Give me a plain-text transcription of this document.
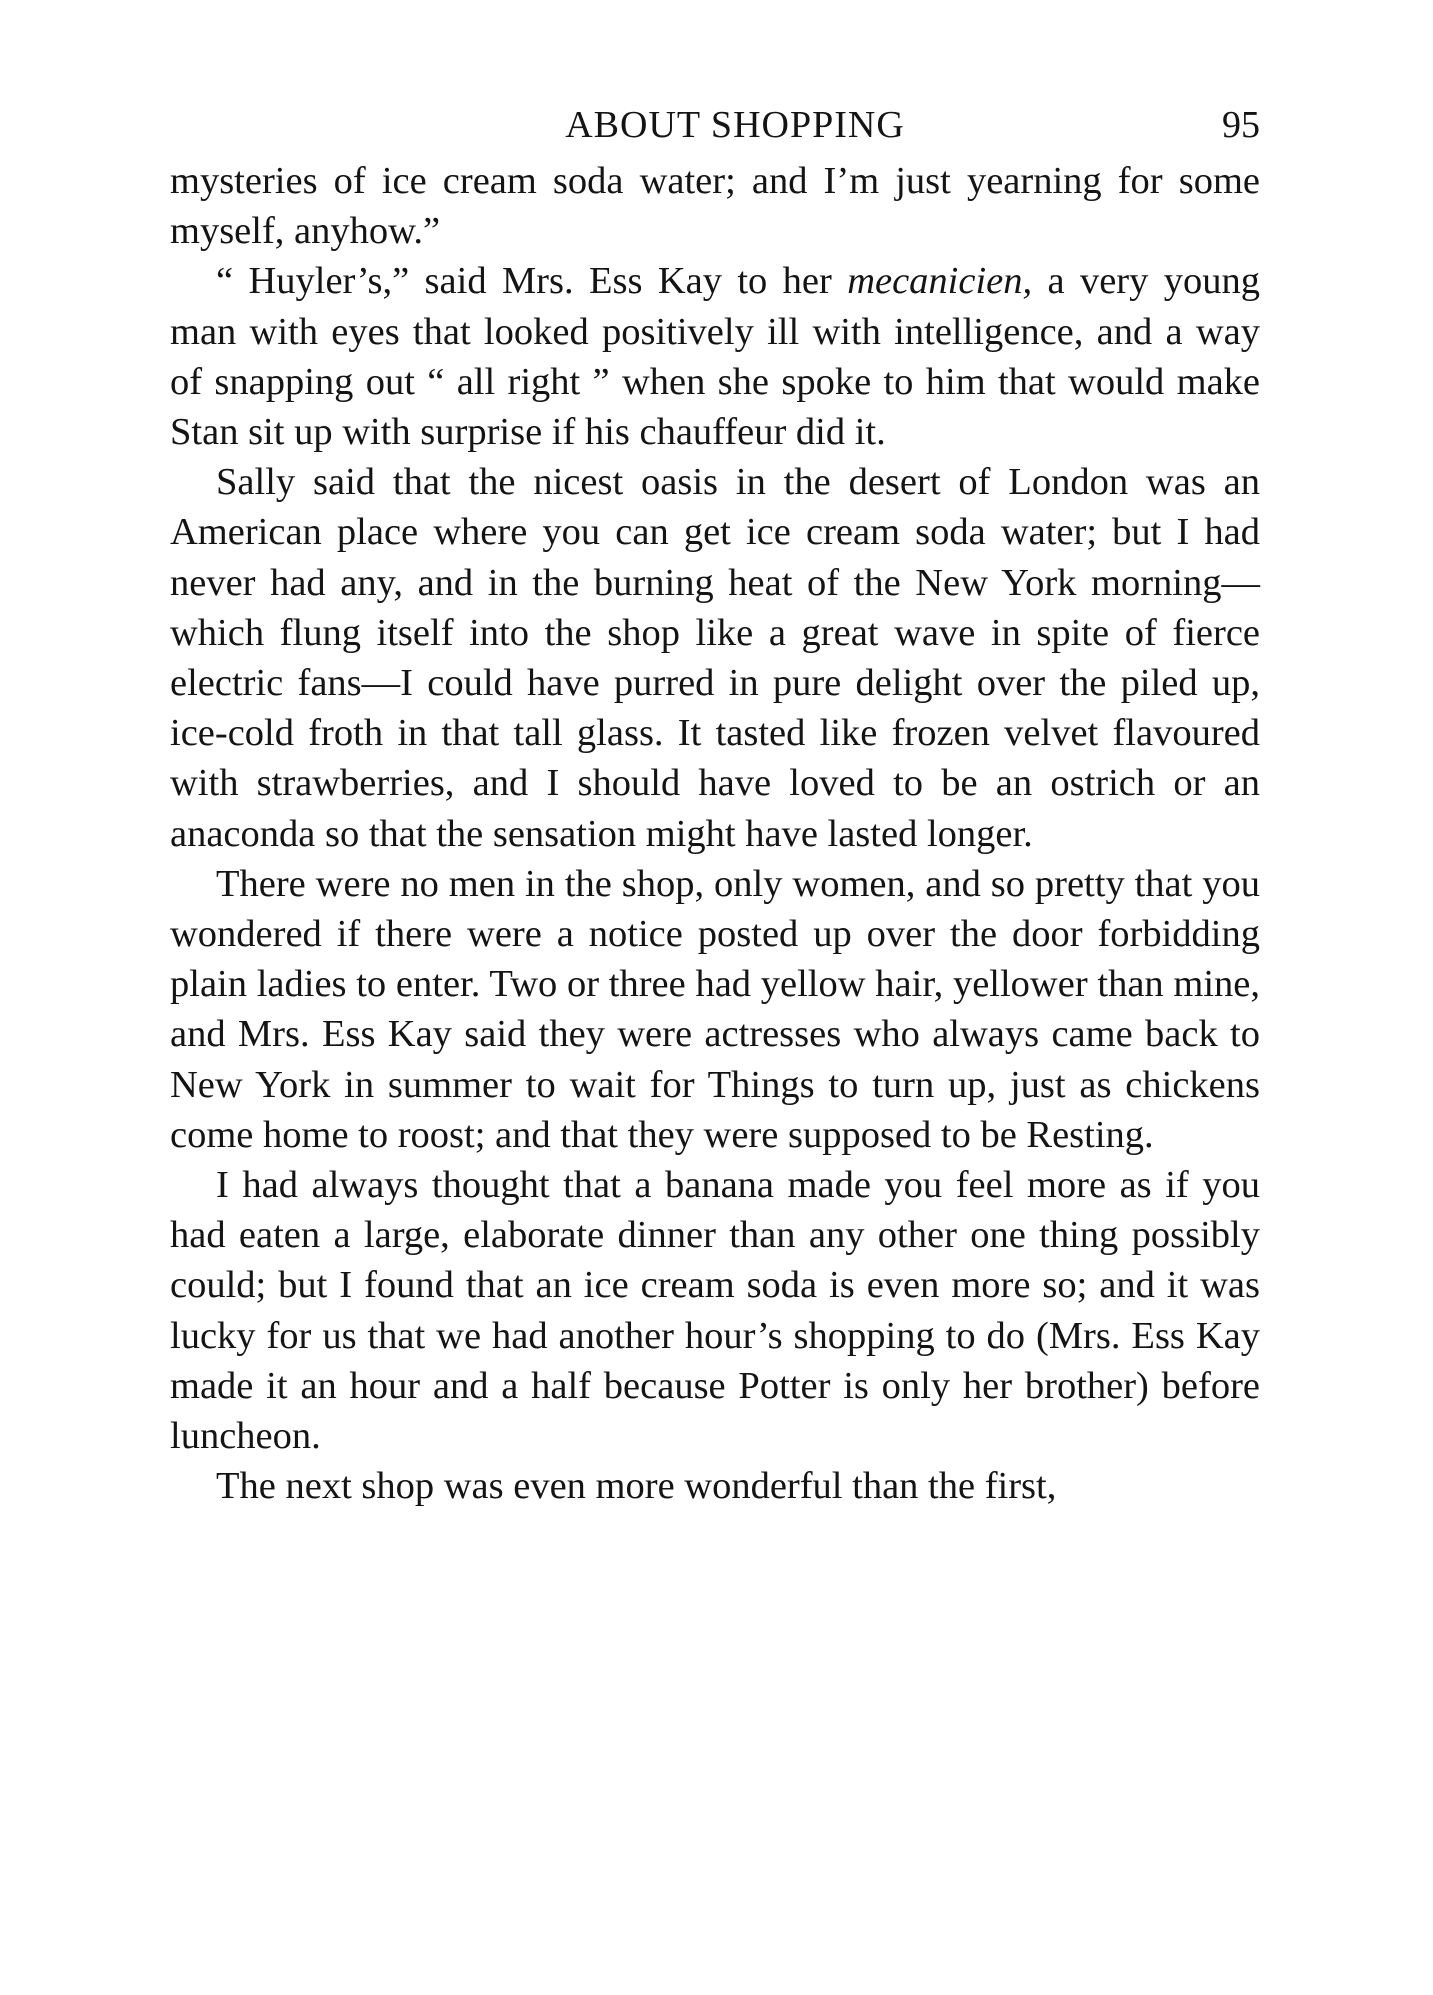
ABOUT SHOPPING	95

mysteries of ice cream soda water; and I’m just yearning for some myself, anyhow.”

“ Huyler’s,” said Mrs. Ess Kay to her mecanicien, a very young man with eyes that looked positively ill with intelligence, and a way of snapping out “ all right ” when she spoke to him that would make Stan sit up with surprise if his chauffeur did it.

Sally said that the nicest oasis in the desert of London was an American place where you can get ice cream soda water; but I had never had any, and in the burning heat of the New York morning—which flung itself into the shop like a great wave in spite of fierce electric fans—I could have purred in pure delight over the piled up, ice-cold froth in that tall glass. It tasted like frozen velvet flavoured with strawberries, and I should have loved to be an ostrich or an anaconda so that the sensation might have lasted longer.

There were no men in the shop, only women, and so pretty that you wondered if there were a notice posted up over the door forbidding plain ladies to enter. Two or three had yellow hair, yellower than mine, and Mrs. Ess Kay said they were actresses who always came back to New York in summer to wait for Things to turn up, just as chickens come home to roost; and that they were supposed to be Resting.

I had always thought that a banana made you feel more as if you had eaten a large, elaborate dinner than any other one thing possibly could; but I found that an ice cream soda is even more so; and it was lucky for us that we had another hour’s shopping to do (Mrs. Ess Kay made it an hour and a half because Potter is only her brother) before luncheon.

The next shop was even more wonderful than the first,
